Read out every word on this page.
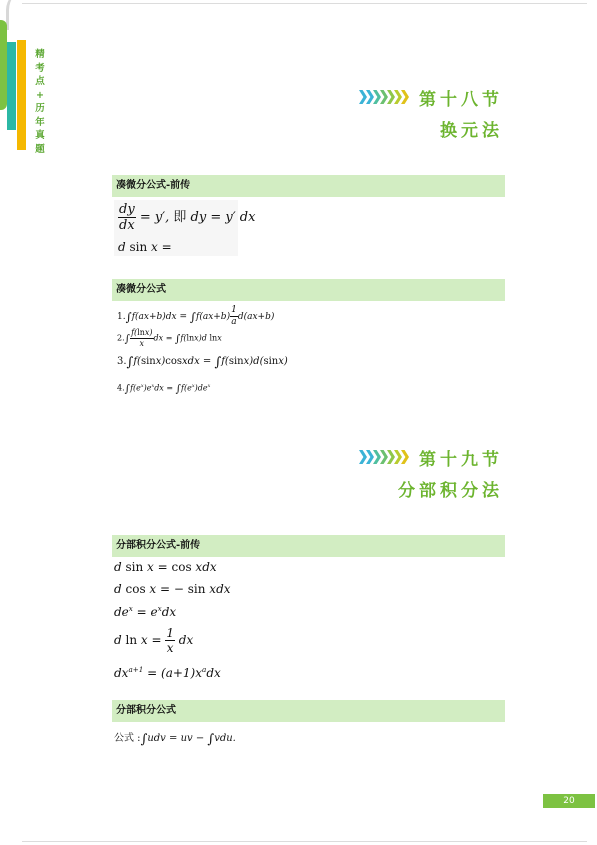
精
考
点
+
历
年
真
题
第十八节
换元法
凑微分公式-前传
$\frac{dy}{dx} = y'$, 即 dy = y′ dx
d sin x =
凑微分公式
$1.\int f(ax+b)dx = \int f(ax+b) \frac{1}{a} d(ax+b)$
$2.\int \frac{f(\ln x)}{x}$ dx = ∫f(lnx)d lnx
3.∫f(sinx)cosxdx = ∫f(sinx)d(sinx)
$4.\int f(e^x)e^xdx = \int f(e^x)de^x$
第十九节
分部积分法
分部积分公式-前传
d sin x = cos xdx
d cos x = − sin xdx
$de^x = e^xdx$
d $\ln x = \frac{1}{x}$ dx
$dx^{a+1} = (a+1)x^adx$
分部积分公式
公式 :∫udv = uv − ∫vdu.
20
